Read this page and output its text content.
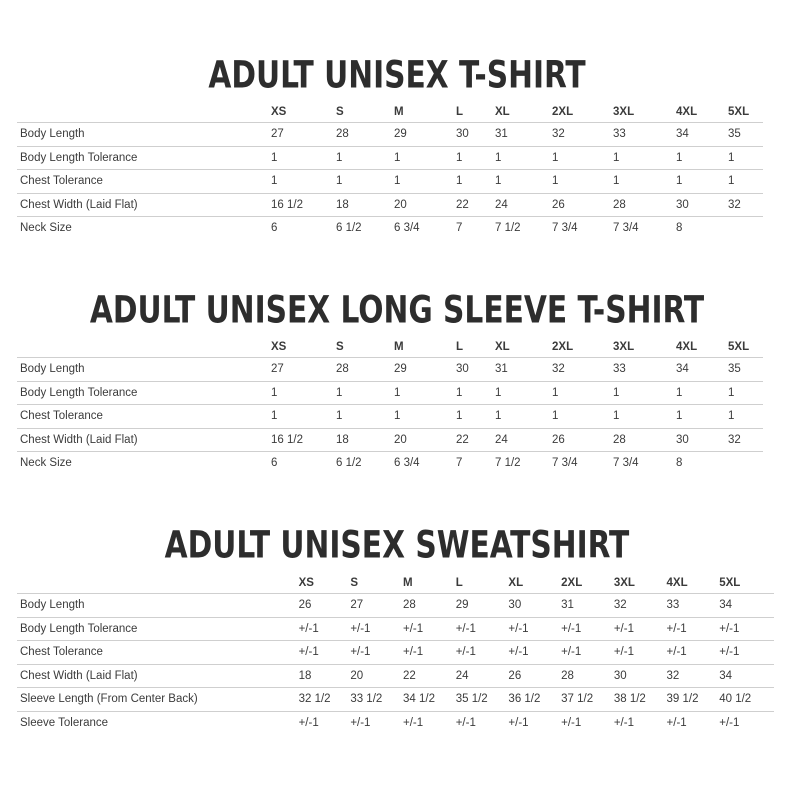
ADULT UNISEX T-SHIRT
	XS	S	M	L	XL	2XL	3XL	4XL	5XL
Body Length	27	28	29	30	31	32	33	34	35
Body Length Tolerance	1	1	1	1	1	1	1	1	1
Chest Tolerance	1	1	1	1	1	1	1	1	1
Chest Width (Laid Flat)	16 1/2	18	20	22	24	26	28	30	32
Neck Size	6	6 1/2	6 3/4	7	7 1/2	7 3/4	7 3/4	8	
ADULT UNISEX LONG SLEEVE T-SHIRT
	XS	S	M	L	XL	2XL	3XL	4XL	5XL
Body Length	27	28	29	30	31	32	33	34	35
Body Length Tolerance	1	1	1	1	1	1	1	1	1
Chest Tolerance	1	1	1	1	1	1	1	1	1
Chest Width (Laid Flat)	16 1/2	18	20	22	24	26	28	30	32
Neck Size	6	6 1/2	6 3/4	7	7 1/2	7 3/4	7 3/4	8	
ADULT UNISEX SWEATSHIRT
	XS	S	M	L	XL	2XL	3XL	4XL	5XL
Body Length	26	27	28	29	30	31	32	33	34
Body Length Tolerance	+/-1	+/-1	+/-1	+/-1	+/-1	+/-1	+/-1	+/-1	+/-1
Chest Tolerance	+/-1	+/-1	+/-1	+/-1	+/-1	+/-1	+/-1	+/-1	+/-1
Chest Width (Laid Flat)	18	20	22	24	26	28	30	32	34
Sleeve Length (From Center Back)	32 1/2	33 1/2	34 1/2	35 1/2	36 1/2	37 1/2	38 1/2	39 1/2	40 1/2
Sleeve Tolerance	+/-1	+/-1	+/-1	+/-1	+/-1	+/-1	+/-1	+/-1	+/-1
